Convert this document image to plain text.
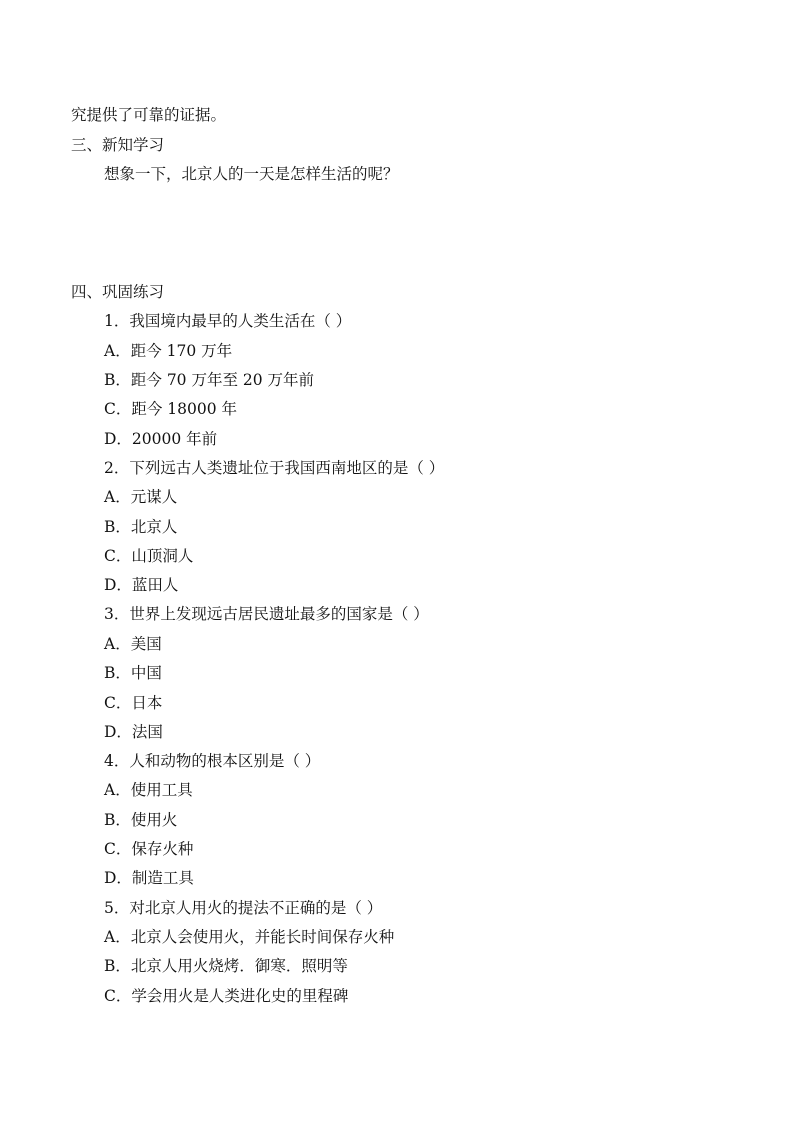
究提供了可靠的证据。
三、新知学习
想象一下，北京人的一天是怎样生活的呢？
四、巩固练习
1．我国境内最早的人类生活在（ ）
A．距今 170 万年
B．距今 70 万年至 20 万年前
C．距今 18000 年
D．20000 年前
2．下列远古人类遗址位于我国西南地区的是（ ）
A．元谋人
B．北京人
C．山顶洞人
D．蓝田人
3．世界上发现远古居民遗址最多的国家是（ ）
A．美国
B．中国
C．日本
D．法国
4．人和动物的根本区别是（ ）
A．使用工具
B．使用火
C．保存火种
D．制造工具
5．对北京人用火的提法不正确的是（ ）
A．北京人会使用火，并能长时间保存火种
B．北京人用火烧烤．御寒．照明等
C．学会用火是人类进化史的里程碑
